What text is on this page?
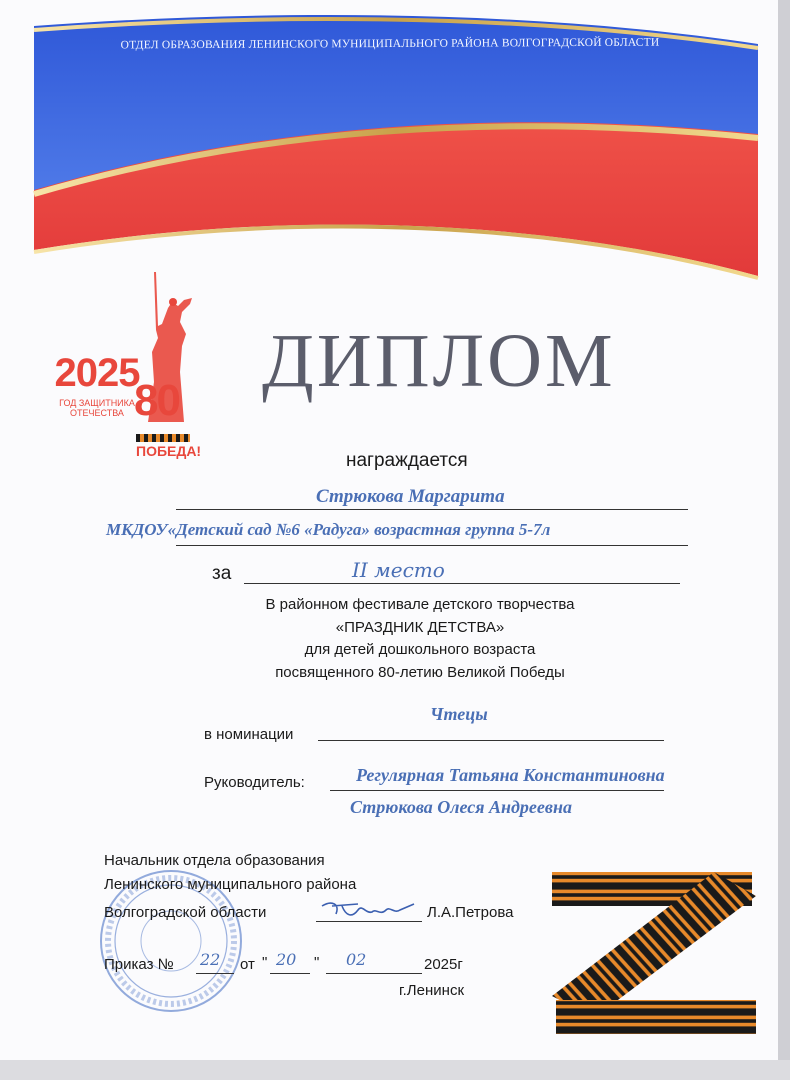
ОТДЕЛ ОБРАЗОВАНИЯ ЛЕНИНСКОГО МУНИЦИПАЛЬНОГО РАЙОНА ВОЛГОГРАДСКОЙ ОБЛАСТИ
2025
ГОД ЗАЩИТНИКА
ОТЕЧЕСТВА 80
ПОБЕДА!
ДИПЛОМ
награждается
Стрюкова Маргарита
МКДОУ«Детский сад №6 «Радуга» возрастная группа 5-7л
за	II место
В районном фестивале детского творчества
«ПРАЗДНИК ДЕТСТВА»
для детей дошкольного возраста
посвященного 80-летию Великой Победы
Чтецы
в номинации
Руководитель:	Регулярная Татьяна Константиновна
Стрюкова Олеся Андреевна
Начальник отдела образования
Ленинского муниципального района
Волгоградской области	Л.А.Петрова
Приказ № 22 от " 20 " 02	2025г
г.Ленинск
